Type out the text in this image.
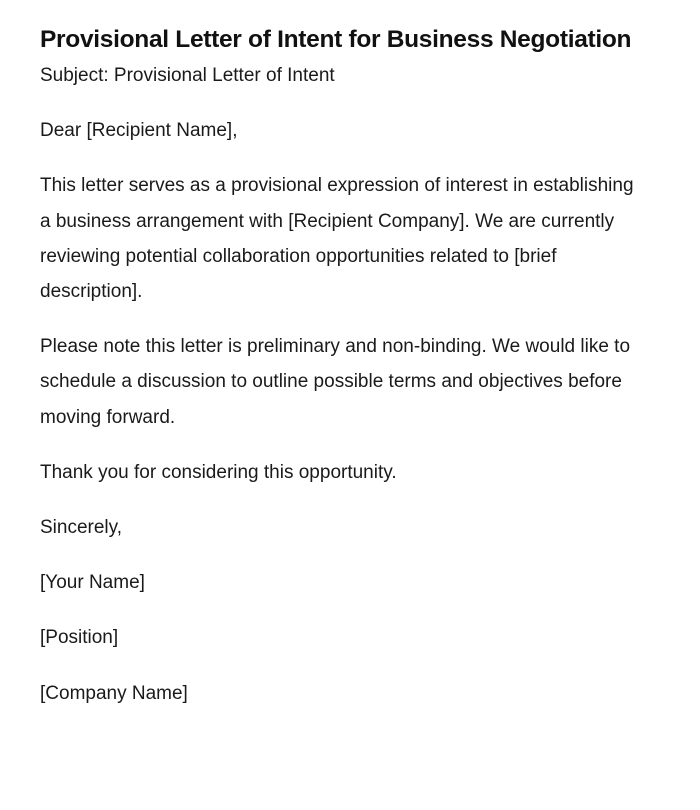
Provisional Letter of Intent for Business Negotiation

Subject: Provisional Letter of Intent

Dear [Recipient Name],

This letter serves as a provisional expression of interest in establishing a business arrangement with [Recipient Company]. We are currently reviewing potential collaboration opportunities related to [brief description].

Please note this letter is preliminary and non-binding. We would like to schedule a discussion to outline possible terms and objectives before moving forward.

Thank you for considering this opportunity.

Sincerely,

[Your Name]

[Position]

[Company Name]
